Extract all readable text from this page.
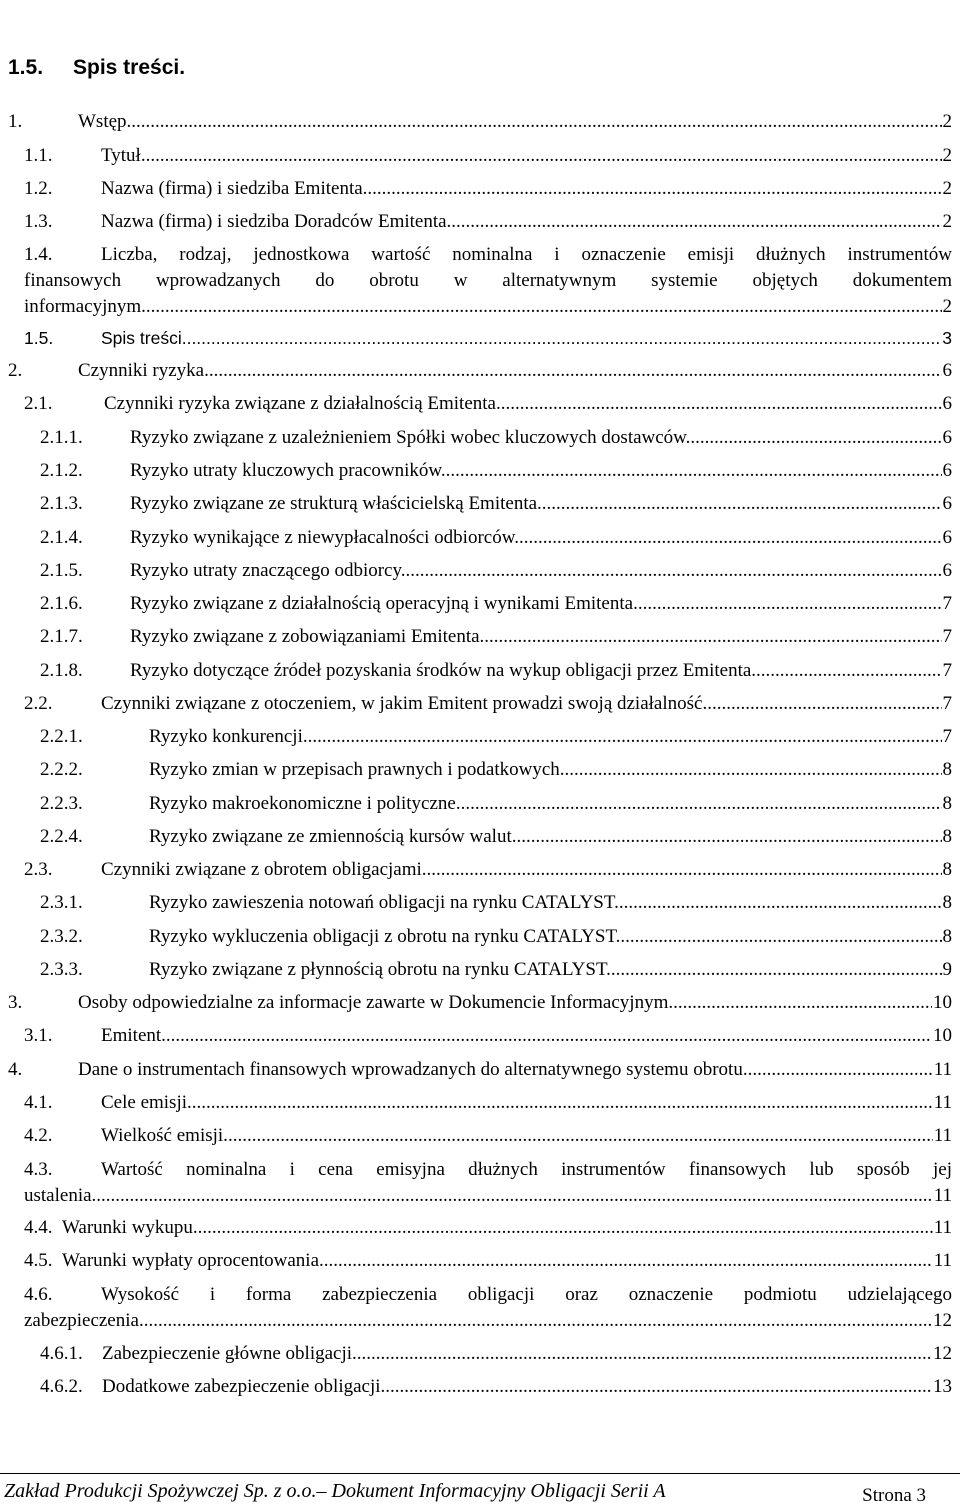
1.5. Spis treści.
1.	Wstęp. .....	2
1.1.	Tytuł. .....	2
1.2.	Nazwa (firma) i siedziba Emitenta. .....	2
1.3.	Nazwa (firma) i siedziba Doradców Emitenta .....	2
1.4.	Liczba, rodzaj, jednostkowa wartość nominalna i oznaczenie emisji dłużnych instrumentów
finansowych wprowadzanych do obrotu w alternatywnym systemie objętych dokumentem
informacyjnym. .....	2
1.5.	Spis treści .....	3
2.	Czynniki ryzyka. .....	6
2.1.	Czynniki ryzyka związane z działalnością Emitenta. .....	6
2.1.1.	Ryzyko związane z uzależnieniem Spółki wobec kluczowych dostawców. .....	6
2.1.2.	Ryzyko utraty kluczowych pracowników. .....	6
2.1.3.	Ryzyko związane ze strukturą właścicielską Emitenta. .....	6
2.1.4.	Ryzyko wynikające z niewypłacalności odbiorców. .....	6
2.1.5.	Ryzyko utraty znaczącego odbiorcy. .....	6
2.1.6.	Ryzyko związane z działalnością operacyjną i wynikami Emitenta. .....	7
2.1.7.	Ryzyko związane z zobowiązaniami Emitenta. .....	7
2.1.8.	Ryzyko dotyczące źródeł pozyskania środków na wykup obligacji przez Emitenta. .....	7
2.2.	Czynniki związane z otoczeniem, w jakim Emitent prowadzi swoją działalność. .....	7
2.2.1.	Ryzyko konkurencji. .....	7
2.2.2.	Ryzyko zmian w przepisach prawnych i podatkowych. .....	8
2.2.3.	Ryzyko makroekonomiczne i polityczne. .....	8
2.2.4.	Ryzyko związane ze zmiennością kursów walut. .....	8
2.3.	Czynniki związane z obrotem obligacjami. .....	8
2.3.1.	Ryzyko zawieszenia notowań obligacji na rynku CATALYST. .....	8
2.3.2.	Ryzyko wykluczenia obligacji z obrotu na rynku CATALYST. .....	8
2.3.3.	Ryzyko związane z płynnością obrotu na rynku CATALYST. .....	9
3.	Osoby odpowiedzialne za informacje zawarte w Dokumencie Informacyjnym. .....	10
3.1.	Emitent. .....	10
4.	Dane o instrumentach finansowych wprowadzanych do alternatywnego systemu obrotu. .....	11
4.1.	Cele emisji. .....	11
4.2.	Wielkość emisji. .....	11
4.3.	Wartość nominalna i cena emisyjna dłużnych instrumentów finansowych lub sposób jej
ustalenia. .....	11
4.4. Warunki wykupu. .....	11
4.5. Warunki wypłaty oprocentowania. .....	11
4.6.	Wysokość i forma zabezpieczenia obligacji oraz oznaczenie podmiotu udzielającego
zabezpieczenia. .....	12
4.6.1.	Zabezpieczenie główne obligacji. .....	12
4.6.2.	Dodatkowe zabezpieczenie obligacji. .....	13
Zakład Produkcji Spożywczej Sp. z o.o.– Dokument Informacyjny Obligacji Serii A	Strona 3
